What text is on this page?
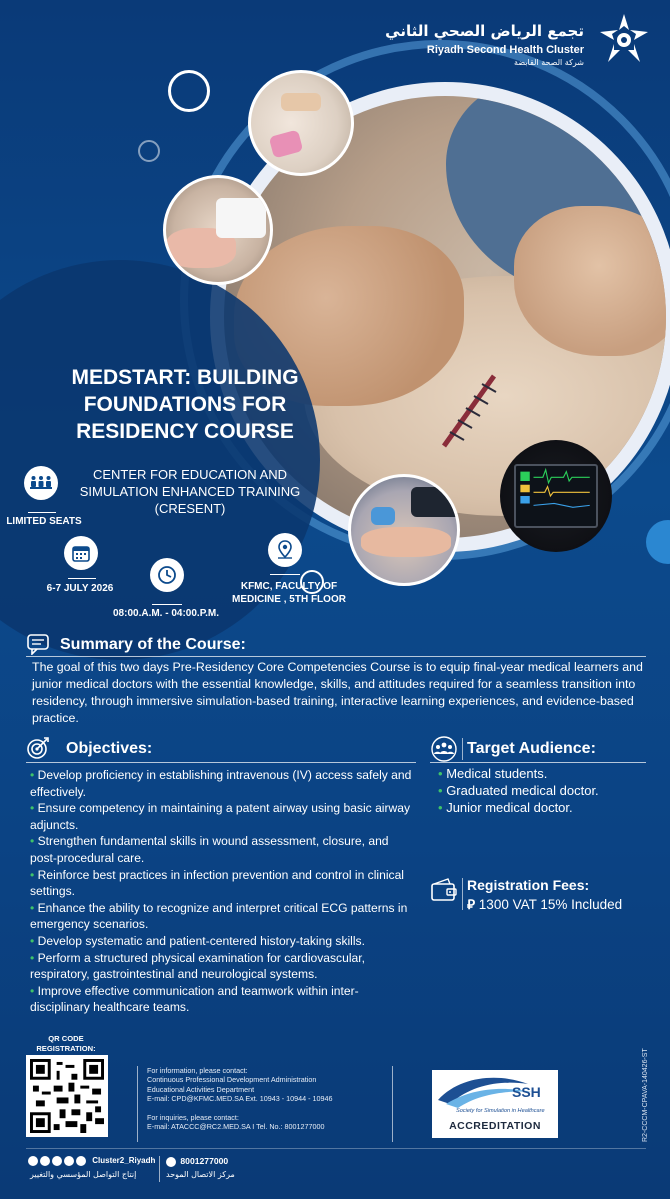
تجمع الرياض الصحي الثاني
Riyadh Second Health Cluster
شركة الصحة القابضة
MEDSTART: BUILDING FOUNDATIONS FOR RESIDENCY COURSE
CENTER FOR EDUCATION AND SIMULATION ENHANCED TRAINING (CRESENT)
LIMITED SEATS
6-7 JULY 2026
08:00.A.M. - 04:00.P.M.
KFMC, FACULTY OF MEDICINE , 5TH FLOOR
Summary of the Course:
The goal of this two days Pre-Residency Core Competencies Course is to equip final-year medical learners and junior medical doctors with the essential knowledge, skills, and attitudes required for a seamless transition into residency, through immersive simulation-based training, interactive learning experiences, and evidence-based practice.
Objectives:
• Develop proficiency in establishing intravenous (IV) access safely and effectively.
• Ensure competency in maintaining a patent airway using basic airway adjuncts.
• Strengthen fundamental skills in wound assessment, closure, and post-procedural care.
• Reinforce best practices in infection prevention and control in clinical settings.
• Enhance the ability to recognize and interpret critical ECG patterns in emergency scenarios.
• Develop systematic and patient-centered history-taking skills.
• Perform a structured physical examination for cardiovascular, respiratory, gastrointestinal and neurological systems.
• Improve effective communication and teamwork within inter-disciplinary healthcare teams.
Target Audience:
• Medical students.
• Graduated medical doctor.
• Junior medical doctor.
Registration Fees:
⃁ 1300 VAT 15% Included
QR CODE REGISTRATION:
For information, please contact:
Continuous Professional Development Administration
Educational Activities Department
E-mail: CPD@KFMC.MED.SA Ext. 10943 - 10944 - 10946
For inquiries, please contact:
E-mail: ATACCC@RC2.MED.SA I Tel. No.: 8001277000
SSH
Society for Simulation in Healthcare
ACCREDITATION	R2-CCCM-CPAVA-140426-ST
Cluster2_Riyadh
إنتاج التواصل المؤسسي والتغيير
8001277000
مركز الاتصال الموحد
